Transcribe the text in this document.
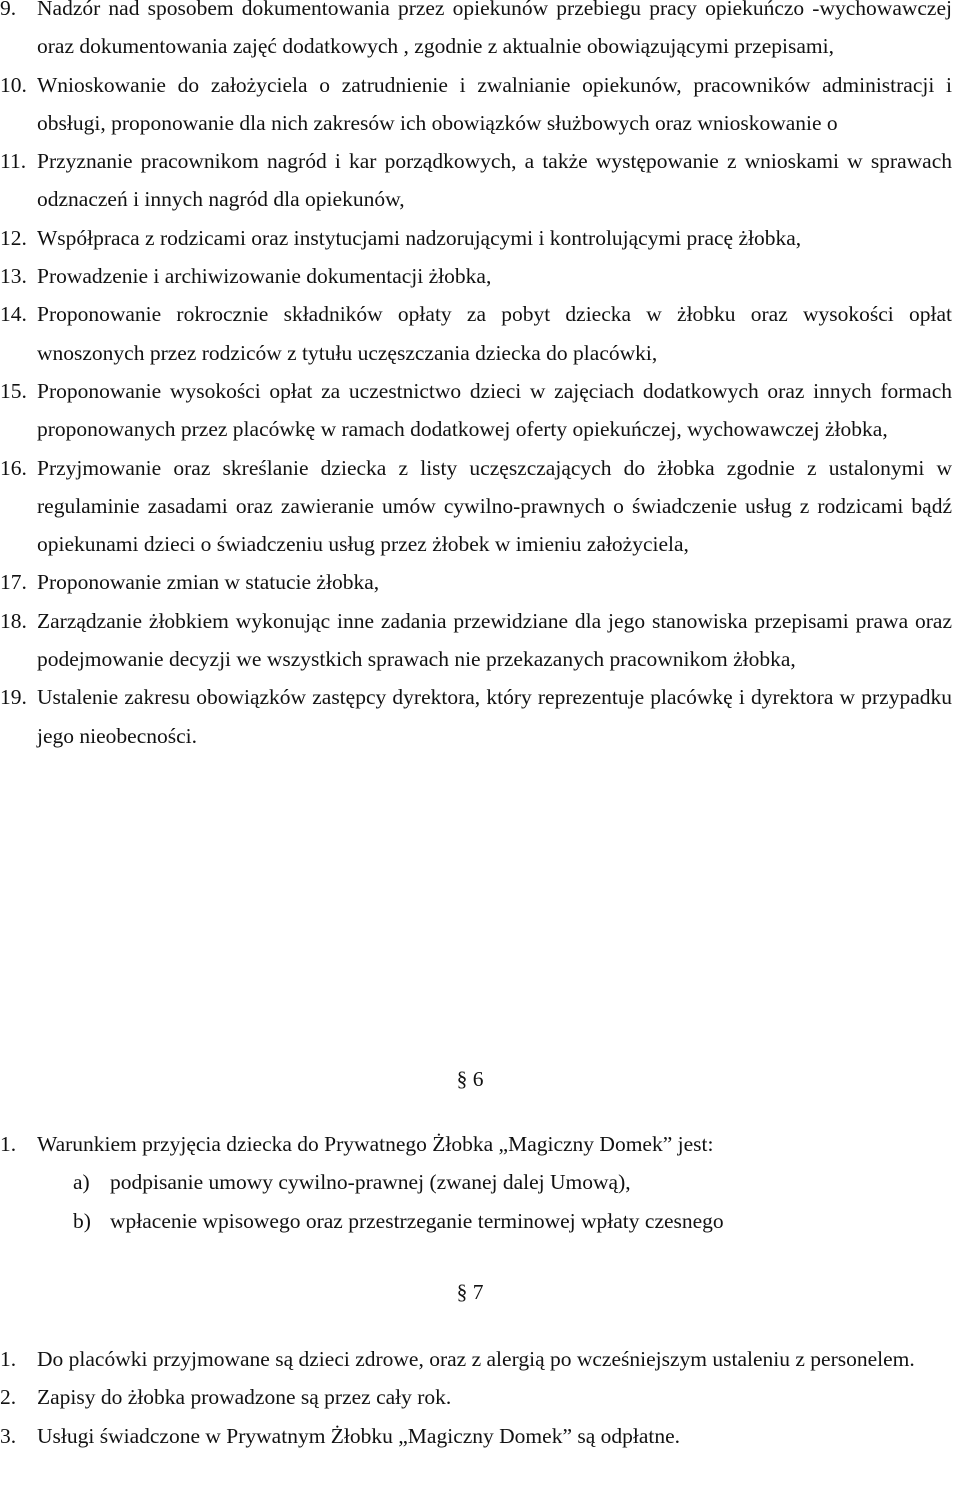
9. Nadzór nad sposobem dokumentowania przez opiekunów przebiegu pracy opiekuńczo -wychowawczej oraz dokumentowania zajęć dodatkowych , zgodnie z aktualnie obowiązującymi przepisami,
10. Wnioskowanie do założyciela o zatrudnienie i zwalnianie opiekunów, pracowników administracji i obsługi, proponowanie dla nich zakresów ich obowiązków służbowych oraz wnioskowanie o
11. Przyznanie pracownikom nagród i kar porządkowych, a także występowanie z wnioskami w sprawach odznaczeń i innych nagród dla opiekunów,
12. Współpraca z rodzicami oraz instytucjami nadzorującymi i kontrolującymi pracę żłobka,
13. Prowadzenie i archiwizowanie dokumentacji żłobka,
14. Proponowanie rokrocznie składników opłaty za pobyt dziecka w żłobku oraz wysokości opłat wnoszonych przez rodziców z tytułu uczęszczania dziecka do placówki,
15. Proponowanie wysokości opłat za uczestnictwo dzieci w zajęciach dodatkowych oraz innych formach proponowanych przez placówkę w ramach dodatkowej oferty opiekuńczej, wychowawczej żłobka,
16. Przyjmowanie oraz skreślanie dziecka z listy uczęszczających do żłobka zgodnie z ustalonymi w regulaminie zasadami oraz zawieranie umów cywilno-prawnych o świadczenie usług z rodzicami bądź opiekunami dzieci o świadczeniu usług przez żłobek w imieniu założyciela,
17. Proponowanie zmian w statucie żłobka,
18. Zarządzanie żłobkiem wykonując inne zadania przewidziane dla jego stanowiska przepisami prawa oraz podejmowanie decyzji we wszystkich sprawach nie przekazanych pracownikom żłobka,
19. Ustalenie zakresu obowiązków zastępcy dyrektora, który reprezentuje placówkę i dyrektora w przypadku jego nieobecności.
§ 6
1. Warunkiem przyjęcia dziecka do Prywatnego Żłobka „Magiczny Domek” jest:
a) podpisanie umowy cywilno-prawnej (zwanej dalej Umową),
b) wpłacenie wpisowego oraz przestrzeganie terminowej wpłaty czesnego
§ 7
1. Do placówki przyjmowane są dzieci zdrowe, oraz z alergią po wcześniejszym ustaleniu z personelem.
2. Zapisy do żłobka prowadzone są przez cały rok.
3. Usługi świadczone w Prywatnym Żłobku „Magiczny Domek” są odpłatne.
